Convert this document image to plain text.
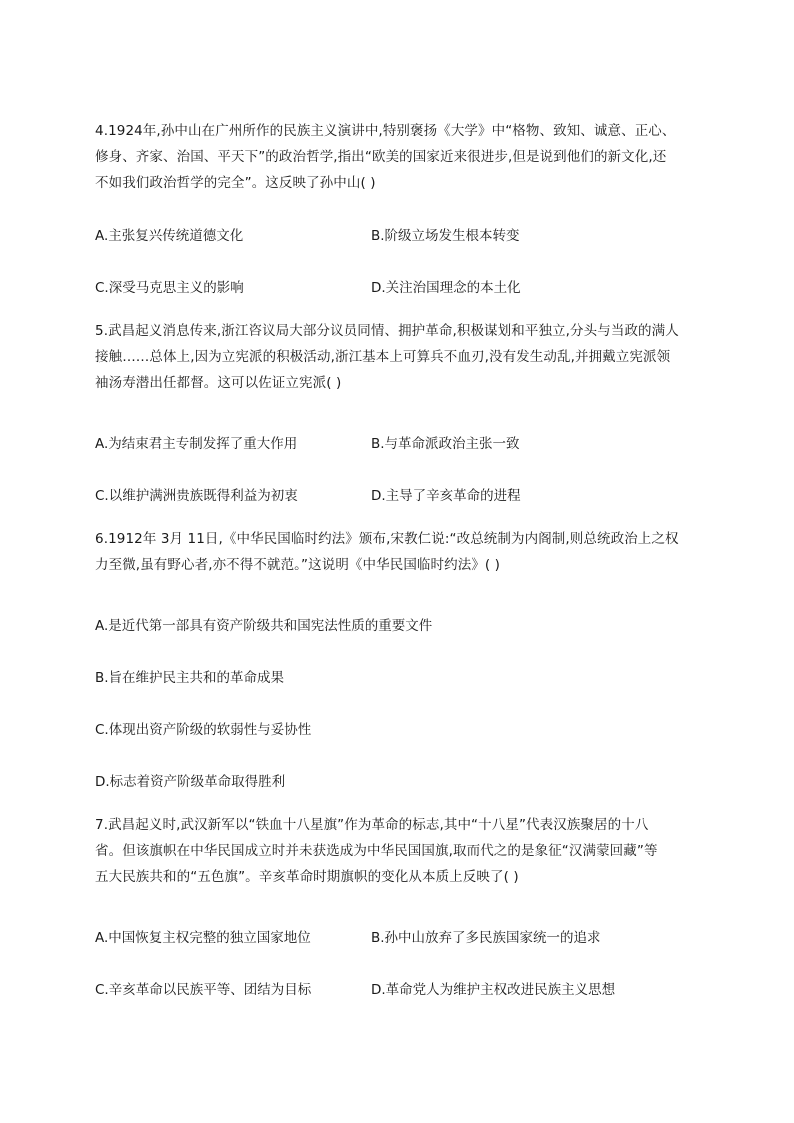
4.1924年,孙中山在广州所作的民族主义演讲中,特别褒扬《大学》中“格物、致知、诚意、正心、
修身、齐家、治国、平天下”的政治哲学,指出“欧美的国家近来很进步,但是说到他们的新文化,还
不如我们政治哲学的完全”。这反映了孙中山( )
A.主张复兴传统道德文化	B.阶级立场发生根本转变
C.深受马克思主义的影响	D.关注治国理念的本土化
5.武昌起义消息传来,浙江咨议局大部分议员同情、拥护革命,积极谋划和平独立,分头与当政的满人
接触……总体上,因为立宪派的积极活动,浙江基本上可算兵不血刃,没有发生动乱,并拥戴立宪派领
袖汤寿潜出任都督。这可以佐证立宪派( )
A.为结束君主专制发挥了重大作用	B.与革命派政治主张一致
C.以维护满洲贵族既得利益为初衷	D.主导了辛亥革命的进程
6.1912年 3月 11日,《中华民国临时约法》颁布,宋教仁说:“改总统制为内阁制,则总统政治上之权
力至微,虽有野心者,亦不得不就范。”这说明《中华民国临时约法》( )
A.是近代第一部具有资产阶级共和国宪法性质的重要文件
B.旨在维护民主共和的革命成果
C.体现出资产阶级的软弱性与妥协性
D.标志着资产阶级革命取得胜利
7.武昌起义时,武汉新军以“铁血十八星旗”作为革命的标志,其中“十八星”代表汉族聚居的十八
省。但该旗帜在中华民国成立时并未获选成为中华民国国旗,取而代之的是象征“汉满蒙回藏”等
五大民族共和的“五色旗”。辛亥革命时期旗帜的变化从本质上反映了( )
A.中国恢复主权完整的独立国家地位	B.孙中山放弃了多民族国家统一的追求
C.辛亥革命以民族平等、团结为目标	D.革命党人为维护主权改进民族主义思想
